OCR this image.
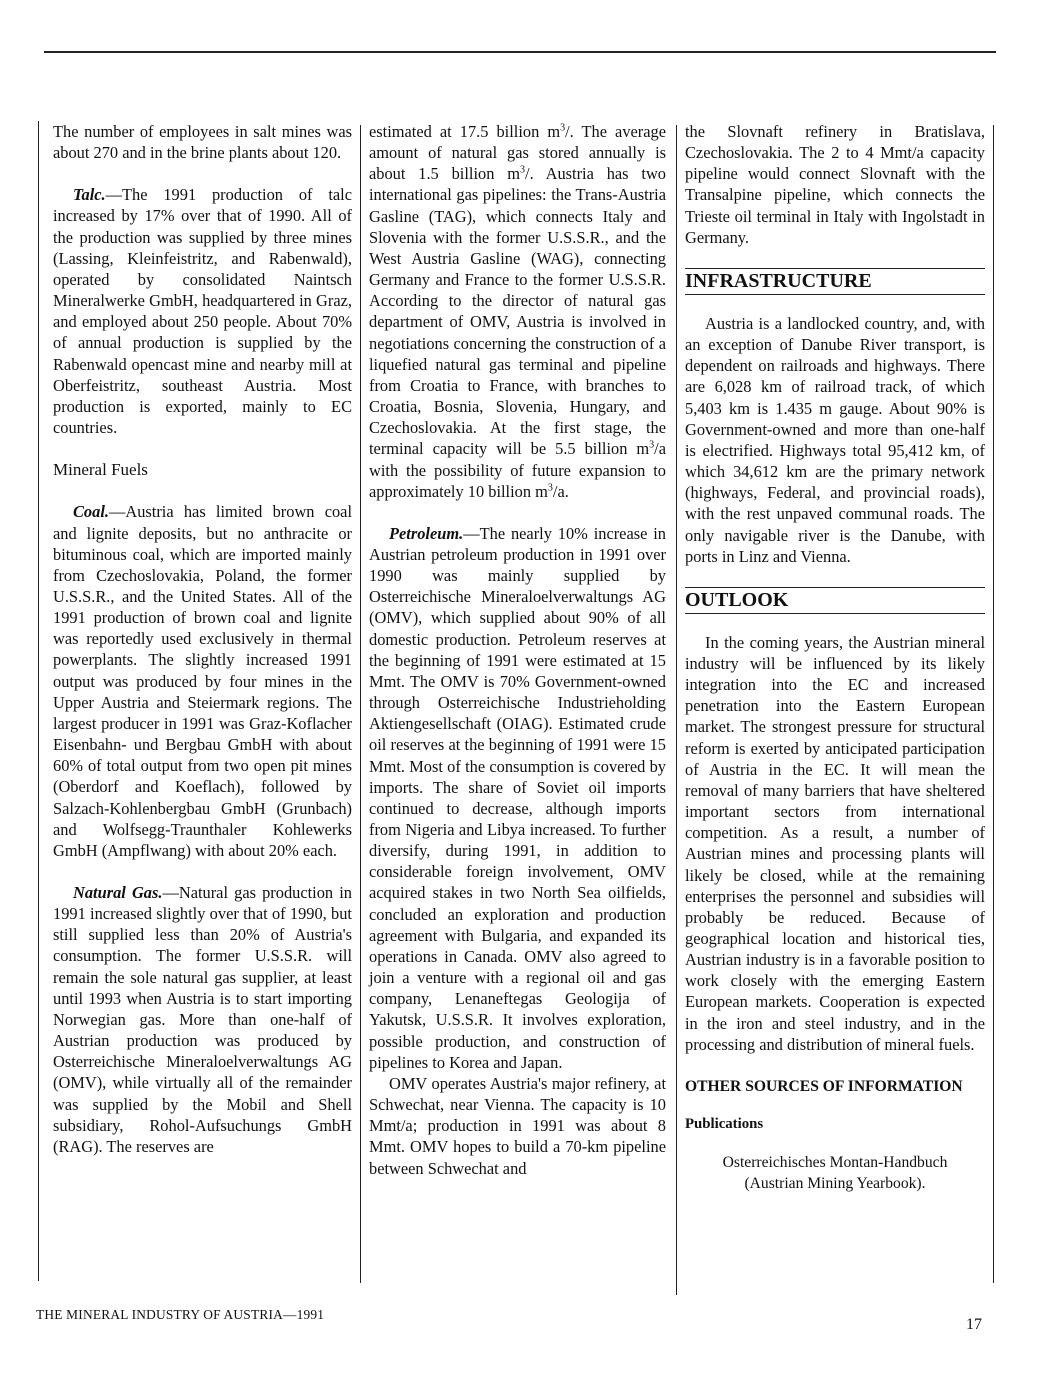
The number of employees in salt mines was about 270 and in the brine plants about 120.

Talc.—The 1991 production of talc increased by 17% over that of 1990. All of the production was supplied by three mines (Lassing, Kleinfeistritz, and Rabenwald), operated by consolidated Naintsch Mineralwerke GmbH, headquartered in Graz, and employed about 250 people. About 70% of annual production is supplied by the Rabenwald opencast mine and nearby mill at Oberfeistritz, southeast Austria. Most production is exported, mainly to EC countries.

Mineral Fuels

Coal.—Austria has limited brown coal and lignite deposits, but no anthracite or bituminous coal, which are imported mainly from Czechoslovakia, Poland, the former U.S.S.R., and the United States. All of the 1991 production of brown coal and lignite was reportedly used exclusively in thermal powerplants. The slightly increased 1991 output was produced by four mines in the Upper Austria and Steiermark regions. The largest producer in 1991 was Graz-Koflacher Eisenbahn- und Bergbau GmbH with about 60% of total output from two open pit mines (Oberdorf and Koeflach), followed by Salzach-Kohlenbergbau GmbH (Grunbach) and Wolfsegg-Traunthaler Kohlewerks GmbH (Ampflwang) with about 20% each.

Natural Gas.—Natural gas production in 1991 increased slightly over that of 1990, but still supplied less than 20% of Austria's consumption. The former U.S.S.R. will remain the sole natural gas supplier, at least until 1993 when Austria is to start importing Norwegian gas. More than one-half of Austrian production was produced by Osterreichische Mineraloelverwaltungs AG (OMV), while virtually all of the remainder was supplied by the Mobil and Shell subsidiary, Rohol-Aufsuchungs GmbH (RAG). The reserves are

estimated at 17.5 billion $m^3/$. The average amount of natural gas stored annually is about 1.5 billion $m^3/$. Austria has two international gas pipelines: the Trans-Austria Gasline (TAG), which connects Italy and Slovenia with the former U.S.S.R., and the West Austria Gasline (WAG), connecting Germany and France to the former U.S.S.R. According to the director of natural gas department of OMV, Austria is involved in negotiations concerning the construction of a liquefied natural gas terminal and pipeline from Croatia to France, with branches to Croatia, Bosnia, Slovenia, Hungary, and Czechoslovakia. At the first stage, the terminal capacity will be 5.5 billion $m^3/a$ with the possibility of future expansion to approximately 10 billion $m^3/a$.

Petroleum.—The nearly 10% increase in Austrian petroleum production in 1991 over 1990 was mainly supplied by Osterreichische Mineraloelverwaltungs AG (OMV), which supplied about 90% of all domestic production. Petroleum reserves at the beginning of 1991 were estimated at 15 Mmt. The OMV is 70% Government-owned through Osterreichische Industrieholding Aktiengesellschaft (OIAG). Estimated crude oil reserves at the beginning of 1991 were 15 Mmt. Most of the consumption is covered by imports. The share of Soviet oil imports continued to decrease, although imports from Nigeria and Libya increased. To further diversify, during 1991, in addition to considerable foreign involvement, OMV acquired stakes in two North Sea oilfields, concluded an exploration and production agreement with Bulgaria, and expanded its operations in Canada. OMV also agreed to join a venture with a regional oil and gas company, Lenaneftegas Geologija of Yakutsk, U.S.S.R. It involves exploration, possible production, and construction of pipelines to Korea and Japan.

OMV operates Austria's major refinery, at Schwechat, near Vienna. The capacity is 10 Mmt/a; production in 1991 was about 8 Mmt. OMV hopes to build a 70-km pipeline between Schwechat and

the Slovnaft refinery in Bratislava, Czechoslovakia. The 2 to 4 Mmt/a capacity pipeline would connect Slovnaft with the Transalpine pipeline, which connects the Trieste oil terminal in Italy with Ingolstadt in Germany.

INFRASTRUCTURE

Austria is a landlocked country, and, with an exception of Danube River transport, is dependent on railroads and highways. There are 6,028 km of railroad track, of which 5,403 km is 1.435 m gauge. About 90% is Government-owned and more than one-half is electrified. Highways total 95,412 km, of which 34,612 km are the primary network (highways, Federal, and provincial roads), with the rest unpaved communal roads. The only navigable river is the Danube, with ports in Linz and Vienna.

OUTLOOK

In the coming years, the Austrian mineral industry will be influenced by its likely integration into the EC and increased penetration into the Eastern European market. The strongest pressure for structural reform is exerted by anticipated participation of Austria in the EC. It will mean the removal of many barriers that have sheltered important sectors from international competition. As a result, a number of Austrian mines and processing plants will likely be closed, while at the remaining enterprises the personnel and subsidies will probably be reduced. Because of geographical location and historical ties, Austrian industry is in a favorable position to work closely with the emerging Eastern European markets. Cooperation is expected in the iron and steel industry, and in the processing and distribution of mineral fuels.

OTHER SOURCES OF INFORMATION

Publications

Osterreichisches Montan-Handbuch
(Austrian Mining Yearbook).

THE MINERAL INDUSTRY OF AUSTRIA—1991
17
